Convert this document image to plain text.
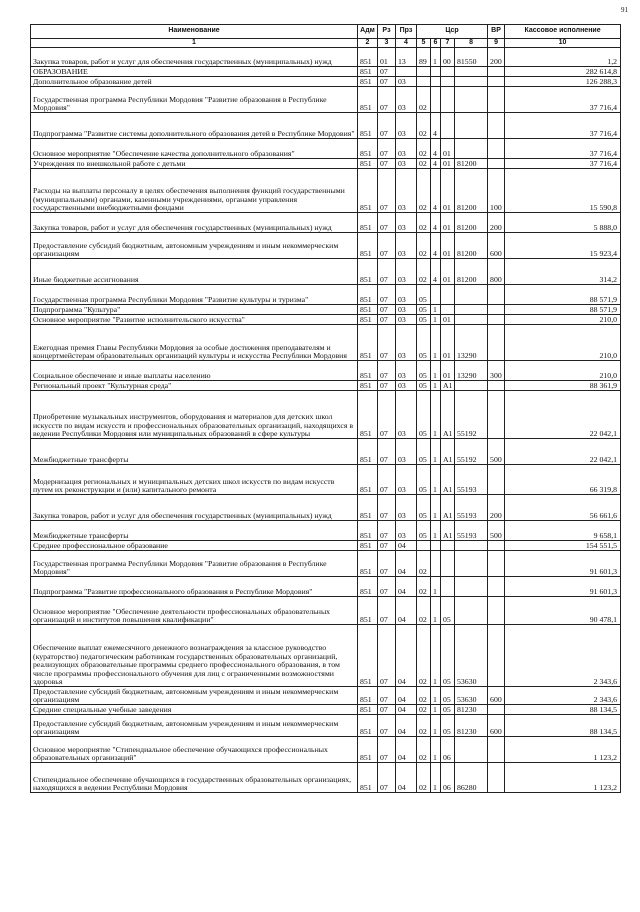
91
Наименование	Адм	Рз	Прз	Цср				ВР	Кассовое исполнение
1	2	3	4	5	6	7	8	9	10
Закупка товаров, работ и услуг для обеспечения государственных (муниципальных) нужд	851	01	13	89	1	00	81550	200	1,2
ОБРАЗОВАНИЕ	851	07							282 614,8
Дополнительное образование детей	851	07	03						126 288,3
Государственная программа Республики Мордовия "Развитие образования в Республике Мордовия"	851	07	03	02					37 716,4
Подпрограмма "Развитие системы дополнительного образования детей в Республике Мордовия"	851	07	03	02	4				37 716,4
Основное мероприятие "Обеспечение качества дополнительного образования"	851	07	03	02	4	01			37 716,4
Учреждения по внешкольной работе с детьми	851	07	03	02	4	01	81200		37 716,4
Расходы на выплаты персоналу в целях обеспечения выполнения функций государственными (муниципальными) органами, казенными учреждениями, органами управления государственными внебюджетными фондами	851	07	03	02	4	01	81200	100	15 590,8
Закупка товаров, работ и услуг для обеспечения государственных (муниципальных) нужд	851	07	03	02	4	01	81200	200	5 888,0
Предоставление субсидий бюджетным, автономным учреждениям и иным некоммерческим организациям	851	07	03	02	4	01	81200	600	15 923,4
Иные бюджетные ассигнования	851	07	03	02	4	01	81200	800	314,2
Государственная программа Республики Мордовия "Развитие культуры и туризма"	851	07	03	05					88 571,9
Подпрограмма "Культура"	851	07	03	05	1				88 571,9
Основное мероприятие "Развитие исполнительского искусства"	851	07	03	05	1	01			210,0
Ежегодная премия Главы Республики Мордовия за особые достижения преподавателям и концертмейстерам образовательных организаций культуры и искусства Республики Мордовия	851	07	03	05	1	01	13290		210,0
Социальное обеспечение и иные выплаты населению	851	07	03	05	1	01	13290	300	210,0
Региональный проект "Культурная среда"	851	07	03	05	1	A1			88 361,9
Приобретение музыкальных инструментов, оборудования и материалов для детских школ искусств по видам искусств и профессиональных образовательных организаций, находящихся в ведении Республики Мордовия или муниципальных образований в сфере культуры	851	07	03	05	1	A1	55192		22 042,1
Межбюджетные трансферты	851	07	03	05	1	A1	55192	500	22 042,1
Модернизация региональных и муниципальных детских школ искусств по видам искусств путем их реконструкции и (или) капитального ремонта	851	07	03	05	1	A1	55193		66 319,8
Закупка товаров, работ и услуг для обеспечения государственных (муниципальных) нужд	851	07	03	05	1	A1	55193	200	56 661,6
Межбюджетные трансферты	851	07	03	05	1	A1	55193	500	9 658,1
Среднее профессиональное образование	851	07	04						154 551,5
Государственная программа Республики Мордовия "Развитие образования в Республике Мордовия"	851	07	04	02					91 601,3
Подпрограмма "Развитие профессионального образования в Республике Мордовия"	851	07	04	02	1				91 601,3
Основное мероприятие "Обеспечение деятельности профессиональных образовательных организаций и институтов повышения квалификации"	851	07	04	02	1	05			90 478,1
Обеспечение выплат ежемесячного денежного вознаграждения за классное руководство (кураторство) педагогическим работникам государственных образовательных организаций, реализующих образовательные программы среднего профессионального образования, в том числе программы профессионального обучения для лиц с ограниченными возможностями здоровья	851	07	04	02	1	05	53630		2 343,6
Предоставление субсидий бюджетным, автономным учреждениям и иным некоммерческим организациям	851	07	04	02	1	05	53630	600	2 343,6
Средние специальные учебные заведения	851	07	04	02	1	05	81230		88 134,5
Предоставление субсидий бюджетным, автономным учреждениям и иным некоммерческим организациям	851	07	04	02	1	05	81230	600	88 134,5
Основное мероприятие "Стипендиальное обеспечение обучающихся профессиональных образовательных организаций"	851	07	04	02	1	06			1 123,2
Стипендиальное обеспечение обучающихся в государственных образовательных организациях, находящихся в ведении Республики Мордовия	851	07	04	02	1	06	86280		1 123,2
